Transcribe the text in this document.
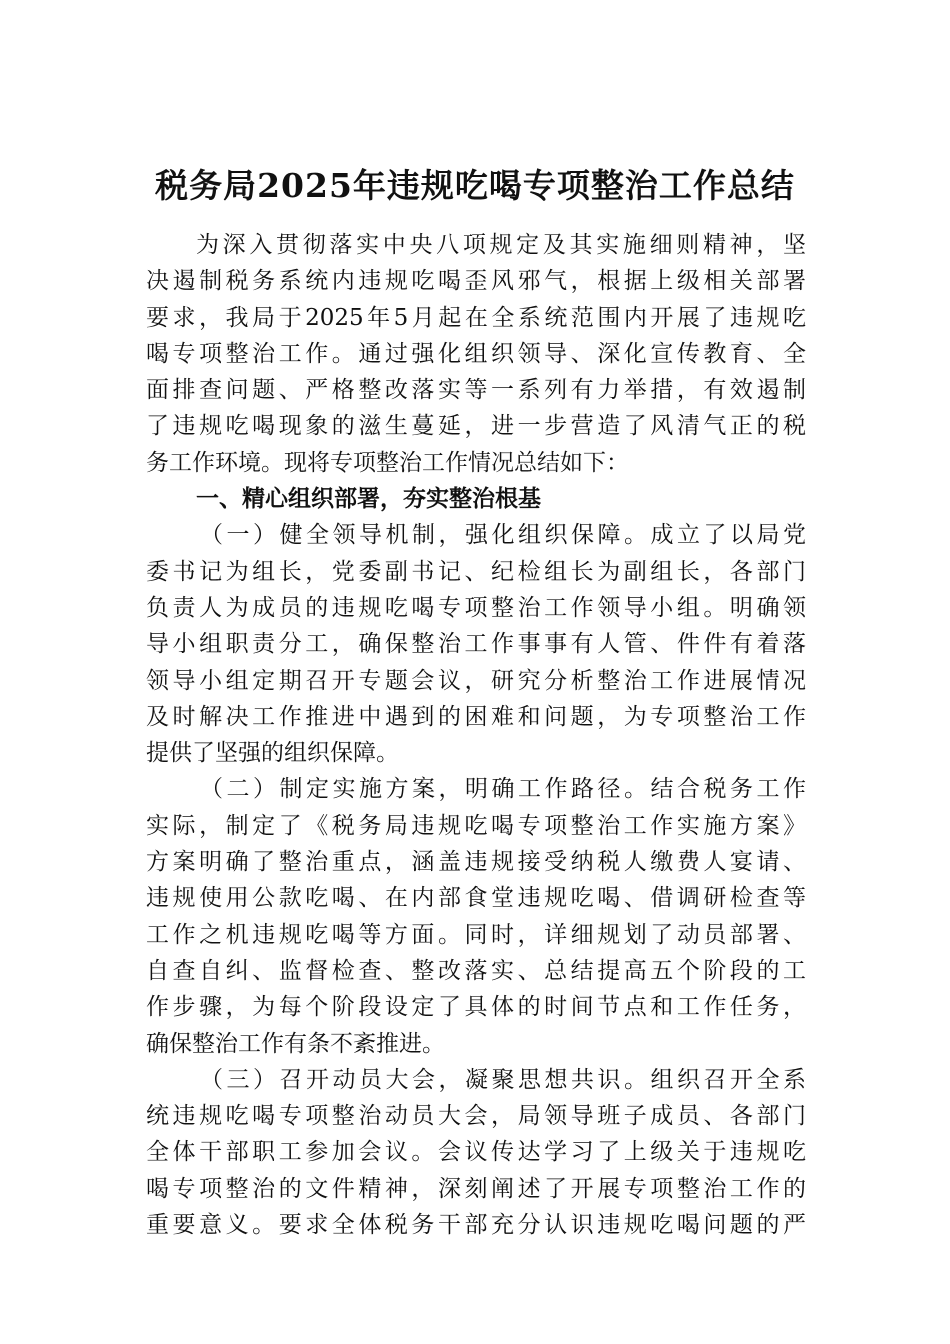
税务局2025年违规吃喝专项整治工作总结
为深入贯彻落实中央八项规定及其实施细则精神，坚
决遏制税务系统内违规吃喝歪风邪气，根据上级相关部署
要求，我局于2025年5月起在全系统范围内开展了违规吃
喝专项整治工作。通过强化组织领导、深化宣传教育、全
面排查问题、严格整改落实等一系列有力举措，有效遏制
了违规吃喝现象的滋生蔓延，进一步营造了风清气正的税
务工作环境。现将专项整治工作情况总结如下：
一、精心组织部署，夯实整治根基
（一）健全领导机制，强化组织保障。成立了以局党
委书记为组长，党委副书记、纪检组长为副组长，各部门
负责人为成员的违规吃喝专项整治工作领导小组。明确领
导小组职责分工，确保整治工作事事有人管、件件有着落
领导小组定期召开专题会议，研究分析整治工作进展情况
及时解决工作推进中遇到的困难和问题，为专项整治工作
提供了坚强的组织保障。
（二）制定实施方案，明确工作路径。结合税务工作
实际，制定了《税务局违规吃喝专项整治工作实施方案》
方案明确了整治重点，涵盖违规接受纳税人缴费人宴请、
违规使用公款吃喝、在内部食堂违规吃喝、借调研检查等
工作之机违规吃喝等方面。同时，详细规划了动员部署、
自查自纠、监督检查、整改落实、总结提高五个阶段的工
作步骤，为每个阶段设定了具体的时间节点和工作任务，
确保整治工作有条不紊推进。
（三）召开动员大会，凝聚思想共识。组织召开全系
统违规吃喝专项整治动员大会，局领导班子成员、各部门
全体干部职工参加会议。会议传达学习了上级关于违规吃
喝专项整治的文件精神，深刻阐述了开展专项整治工作的
重要意义。要求全体税务干部充分认识违规吃喝问题的严
